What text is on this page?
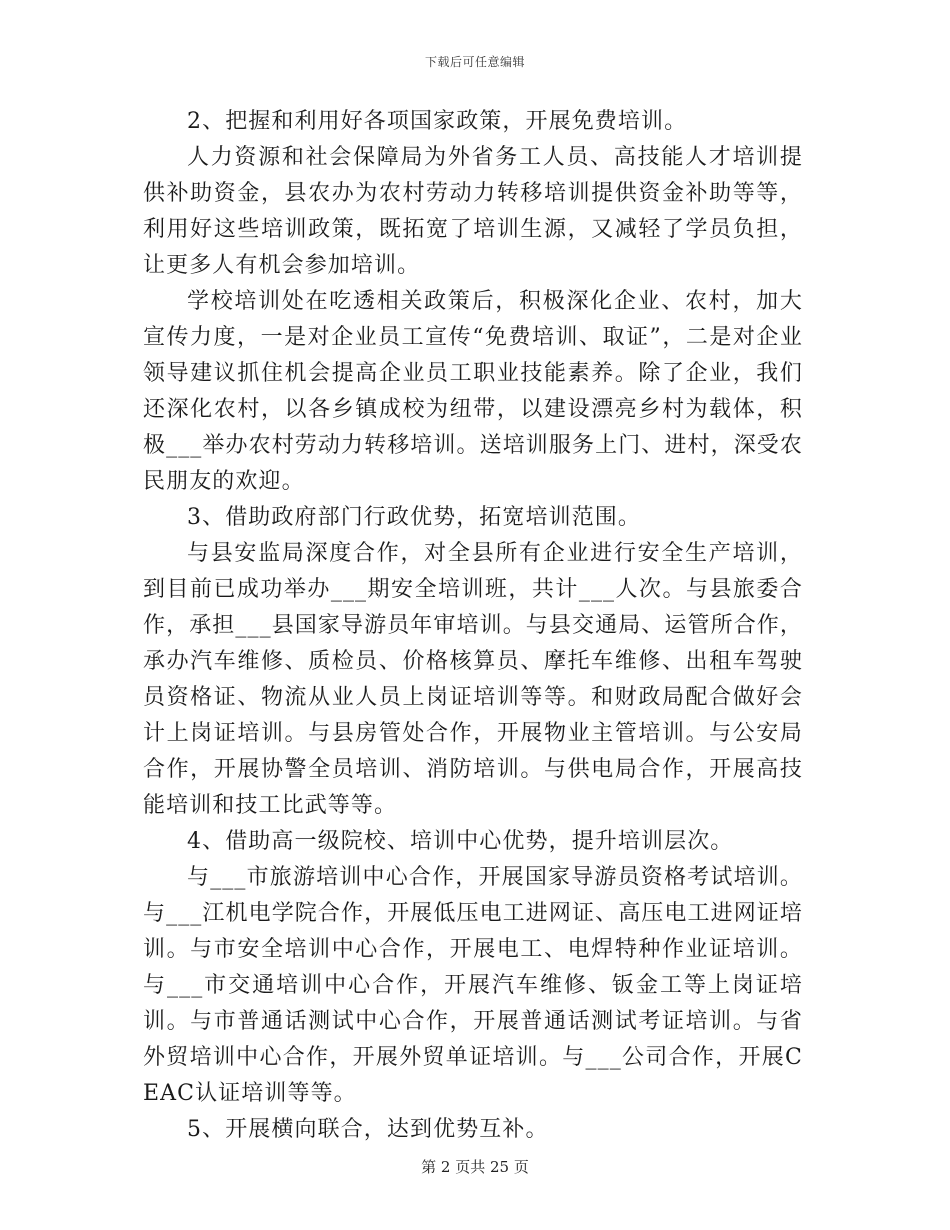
下载后可任意编辑

2、把握和利用好各项国家政策，开展免费培训。

人力资源和社会保障局为外省务工人员、高技能人才培训提供补助资金，县农办为农村劳动力转移培训提供资金补助等等，利用好这些培训政策，既拓宽了培训生源，又减轻了学员负担，让更多人有机会参加培训。

学校培训处在吃透相关政策后，积极深化企业、农村，加大宣传力度，一是对企业员工宣传“免费培训、取证”，二是对企业领导建议抓住机会提高企业员工职业技能素养。除了企业，我们还深化农村，以各乡镇成校为纽带，以建设漂亮乡村为载体，积极___举办农村劳动力转移培训。送培训服务上门、进村，深受农民朋友的欢迎。

3、借助政府部门行政优势，拓宽培训范围。

与县安监局深度合作，对全县所有企业进行安全生产培训，到目前已成功举办___期安全培训班，共计___人次。与县旅委合作，承担___县国家导游员年审培训。与县交通局、运管所合作，承办汽车维修、质检员、价格核算员、摩托车维修、出租车驾驶员资格证、物流从业人员上岗证培训等等。和财政局配合做好会计上岗证培训。与县房管处合作，开展物业主管培训。与公安局合作，开展协警全员培训、消防培训。与供电局合作，开展高技能培训和技工比武等等。

4、借助高一级院校、培训中心优势，提升培训层次。

与___市旅游培训中心合作，开展国家导游员资格考试培训。与___江机电学院合作，开展低压电工进网证、高压电工进网证培训。与市安全培训中心合作，开展电工、电焊特种作业证培训。与___市交通培训中心合作，开展汽车维修、钣金工等上岗证培训。与市普通话测试中心合作，开展普通话测试考证培训。与省外贸培训中心合作，开展外贸单证培训。与___公司合作，开展CEAC认证培训等等。

5、开展横向联合，达到优势互补。

第 2 页共 25 页
